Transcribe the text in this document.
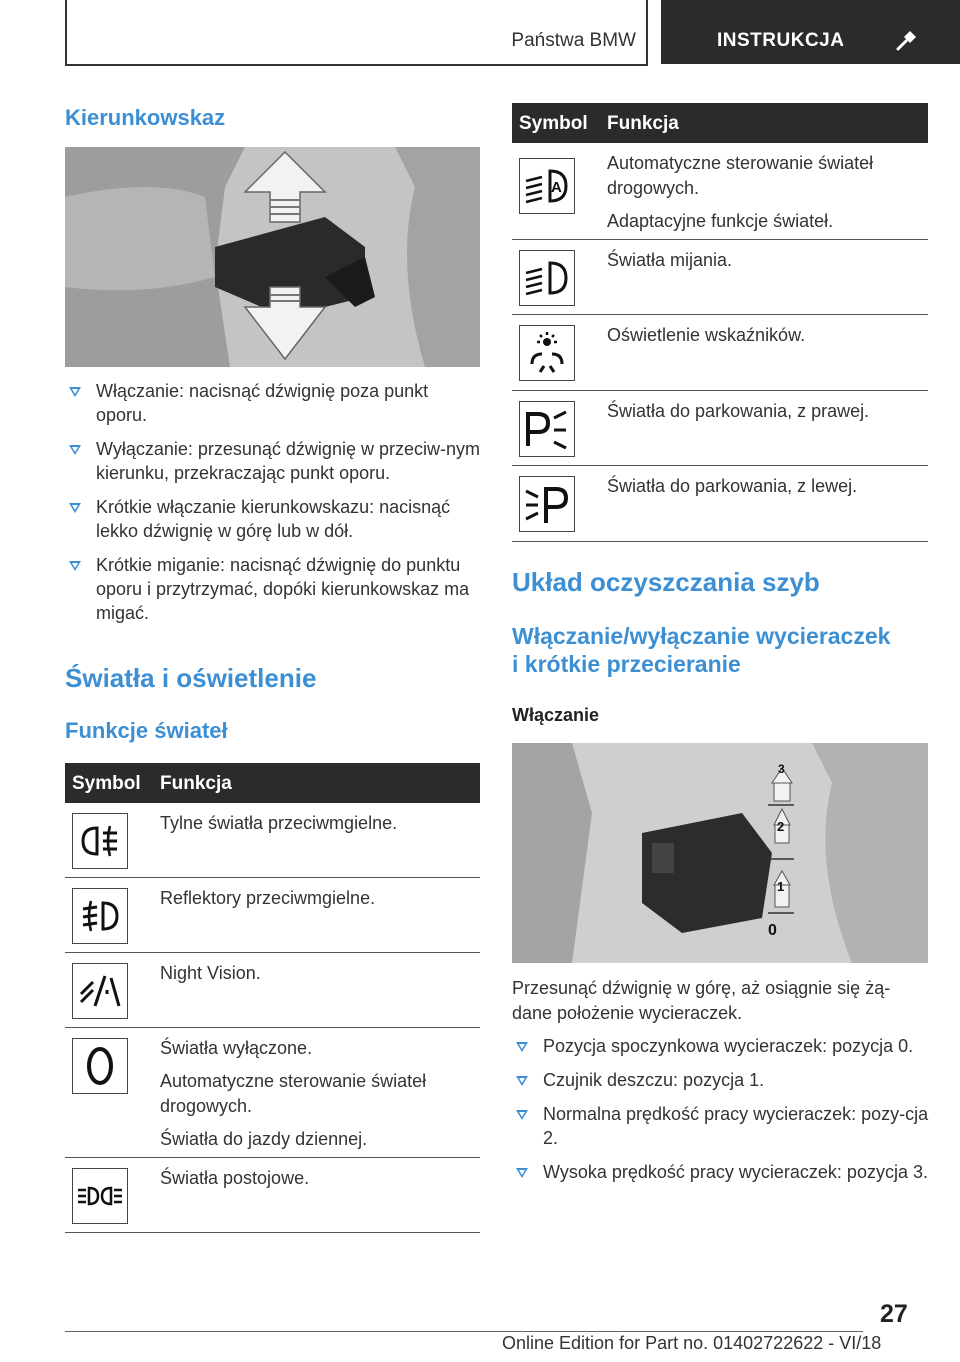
Państwa BMW	INSTRUKCJA
Kierunkowskaz
Włączanie: nacisnąć dźwignię poza punkt oporu.
Wyłączanie: przesunąć dźwignię w przeciw-nym kierunku, przekraczając punkt oporu.
Krótkie włączanie kierunkowskazu: nacisnąć lekko dźwignię w górę lub w dół.
Krótkie miganie: nacisnąć dźwignię do punktu oporu i przytrzymać, dopóki kierunkowskaz ma migać.
Światła i oświetlenie
Funkcje świateł
Symbol Funkcja

Tylne światła przeciwmgielne.

Reflektory przeciwmgielne.

Night Vision.

Światła wyłączone.

Automatyczne sterowanie świateł drogowych.

Światła do jazdy dziennej.

Światła postojowe.

Symbol Funkcja
A

Automatyczne sterowanie świateł drogowych.

Adaptacyjne funkcje świateł.

Światła mijania.

Oświetlenie wskaźników.

Światła do parkowania, z prawej.

Światła do parkowania, z lewej.

Układ oczyszczania szyb
Włączanie/wyłączanie wycieraczek
i krótkie przecieranie
Włączanie
3
2
1
0
Przesunąć dźwignię w górę, aż osiągnie się żą-
dane położenie wycieraczek.
Pozycja spoczynkowa wycieraczek: pozycja 0.
Czujnik deszczu: pozycja 1.
Normalna prędkość pracy wycieraczek: pozy-cja 2.
Wysoka prędkość pracy wycieraczek: pozycja 3.
27
Online Edition for Part no. 01402722622 - VI/18
